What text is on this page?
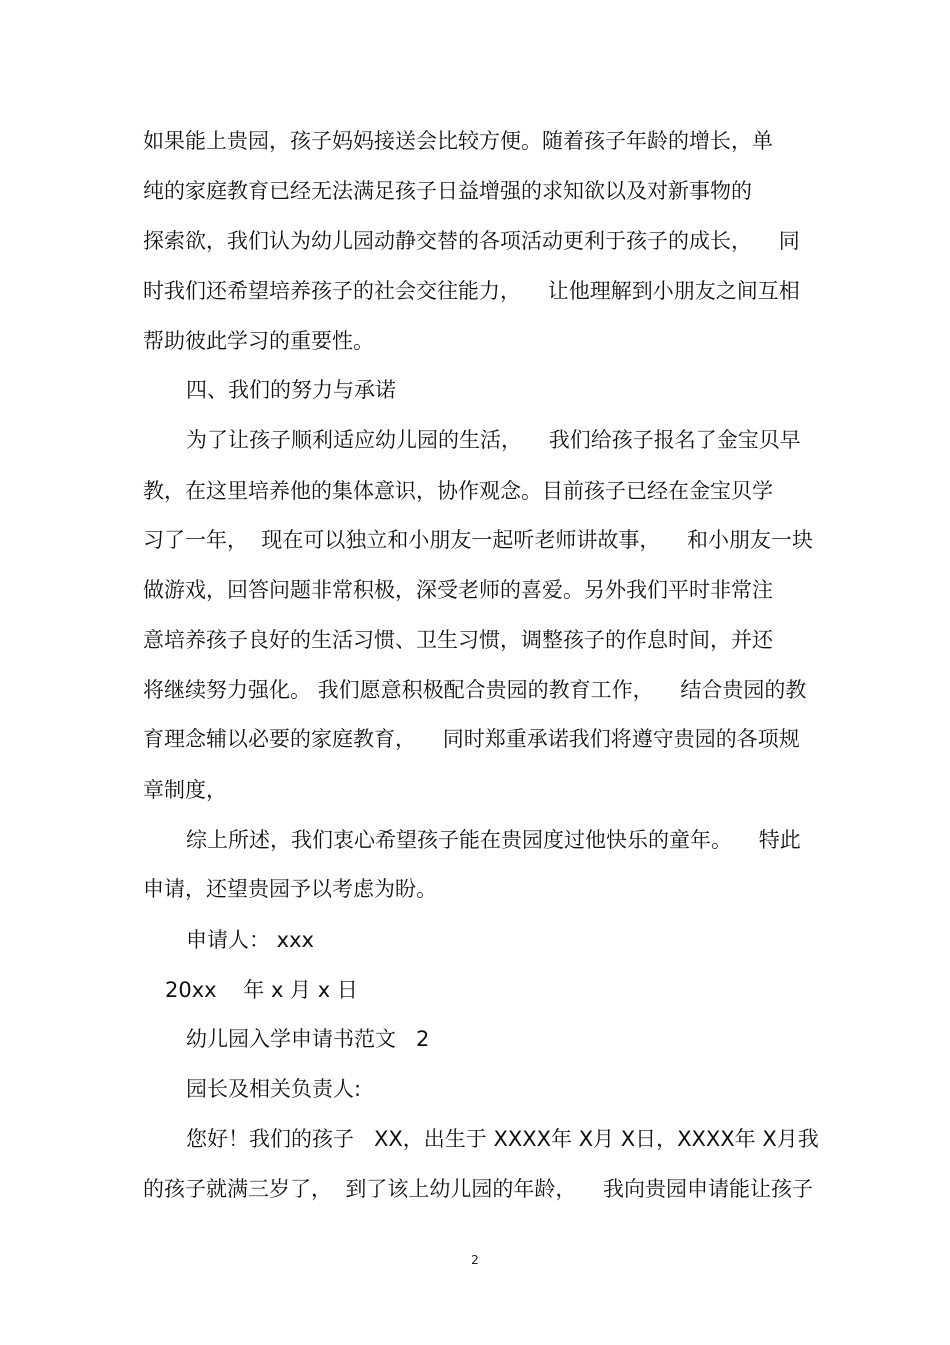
如果能上贵园，孩子妈妈接送会比较方便。随着孩子年龄的增长，单
纯的家庭教育已经无法满足孩子日益增强的求知欲以及对新事物的
探索欲，我们认为幼儿园动静交替的各项活动更利于孩子的成长，    同
时我们还希望培养孩子的社会交往能力，    让他理解到小朋友之间互相
帮助彼此学习的重要性。
四、我们的努力与承诺
为了让孩子顺利适应幼儿园的生活，    我们给孩子报名了金宝贝早
教，在这里培养他的集体意识，协作观念。目前孩子已经在金宝贝学
习了一年，  现在可以独立和小朋友一起听老师讲故事，    和小朋友一块
做游戏，回答问题非常积极，深受老师的喜爱。另外我们平时非常注
意培养孩子良好的生活习惯、卫生习惯，调整孩子的作息时间，并还
将继续努力强化。 我们愿意积极配合贵园的教育工作，    结合贵园的教
育理念辅以必要的家庭教育，    同时郑重承诺我们将遵守贵园的各项规
章制度，
综上所述，我们衷心希望孩子能在贵园度过他快乐的童年。    特此
申请，还望贵园予以考虑为盼。
申请人： xxx
20xx    年 x 月 x 日
幼儿园入学申请书范文   2
园长及相关负责人:
您好！我们的孩子   XX，出生于 XXXX年 X月 X日，XXXX年 X月我
的孩子就满三岁了，  到了该上幼儿园的年龄，    我向贵园申请能让孩子
2
